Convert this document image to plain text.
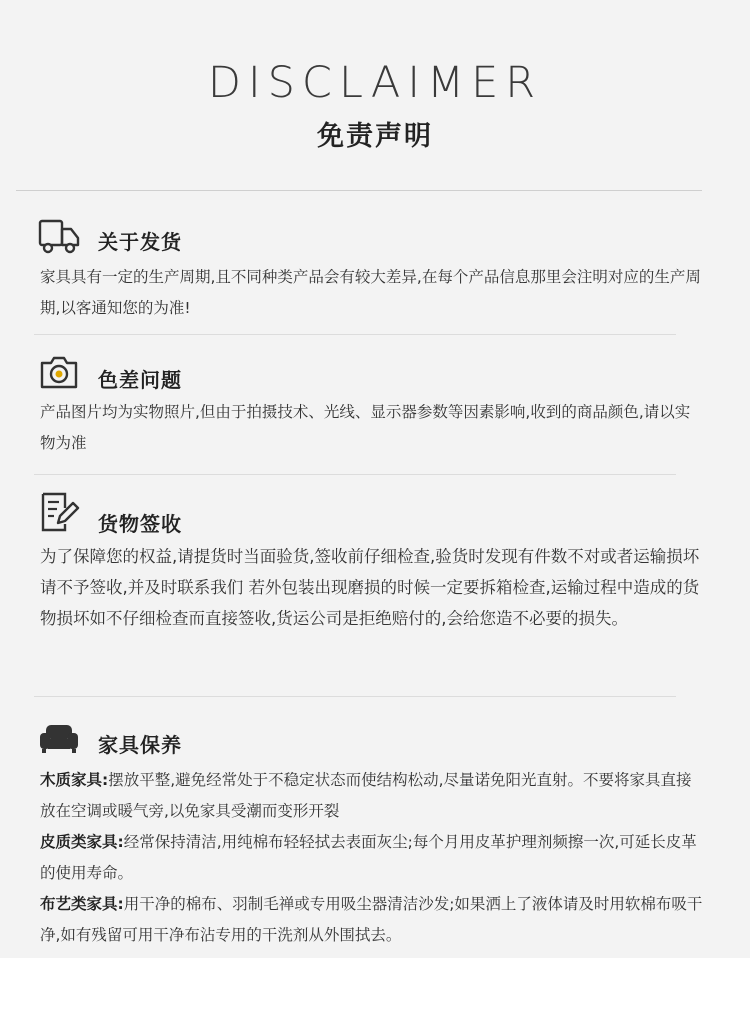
DISCLAIMER
免责声明
关于发货
家具具有一定的生产周期,且不同种类产品会有较大差异,在每个产品信息那里会注明对应的生产周期,以客通知您的为准!
色差问题
产品图片均为实物照片,但由于拍摄技术、光线、显示器参数等因素影响,收到的商品颜色,请以实物为准
货物签收
为了保障您的权益,请提货时当面验货,签收前仔细检查,验货时发现有件数不对或者运输损坏请不予签收,并及时联系我们 若外包装出现磨损的时候一定要拆箱检查,运输过程中造成的货物损坏如不仔细检查而直接签收,货运公司是拒绝赔付的,会给您造不必要的损失。
家具保养
木质家具:摆放平整,避免经常处于不稳定状态而使结构松动,尽量诺免阳光直射。不要将家具直接放在空调或暖气旁,以免家具受潮而变形开裂
皮质类家具:经常保持清洁,用纯棉布轻轻拭去表面灰尘;每个月用皮革护理剂频擦一次,可延长皮革的使用寿命。
布艺类家具:用干净的棉布、羽制毛禅或专用吸尘器清洁沙发;如果洒上了液体请及时用软棉布吸干净,如有残留可用干净布沾专用的干洗剂从外围拭去。
